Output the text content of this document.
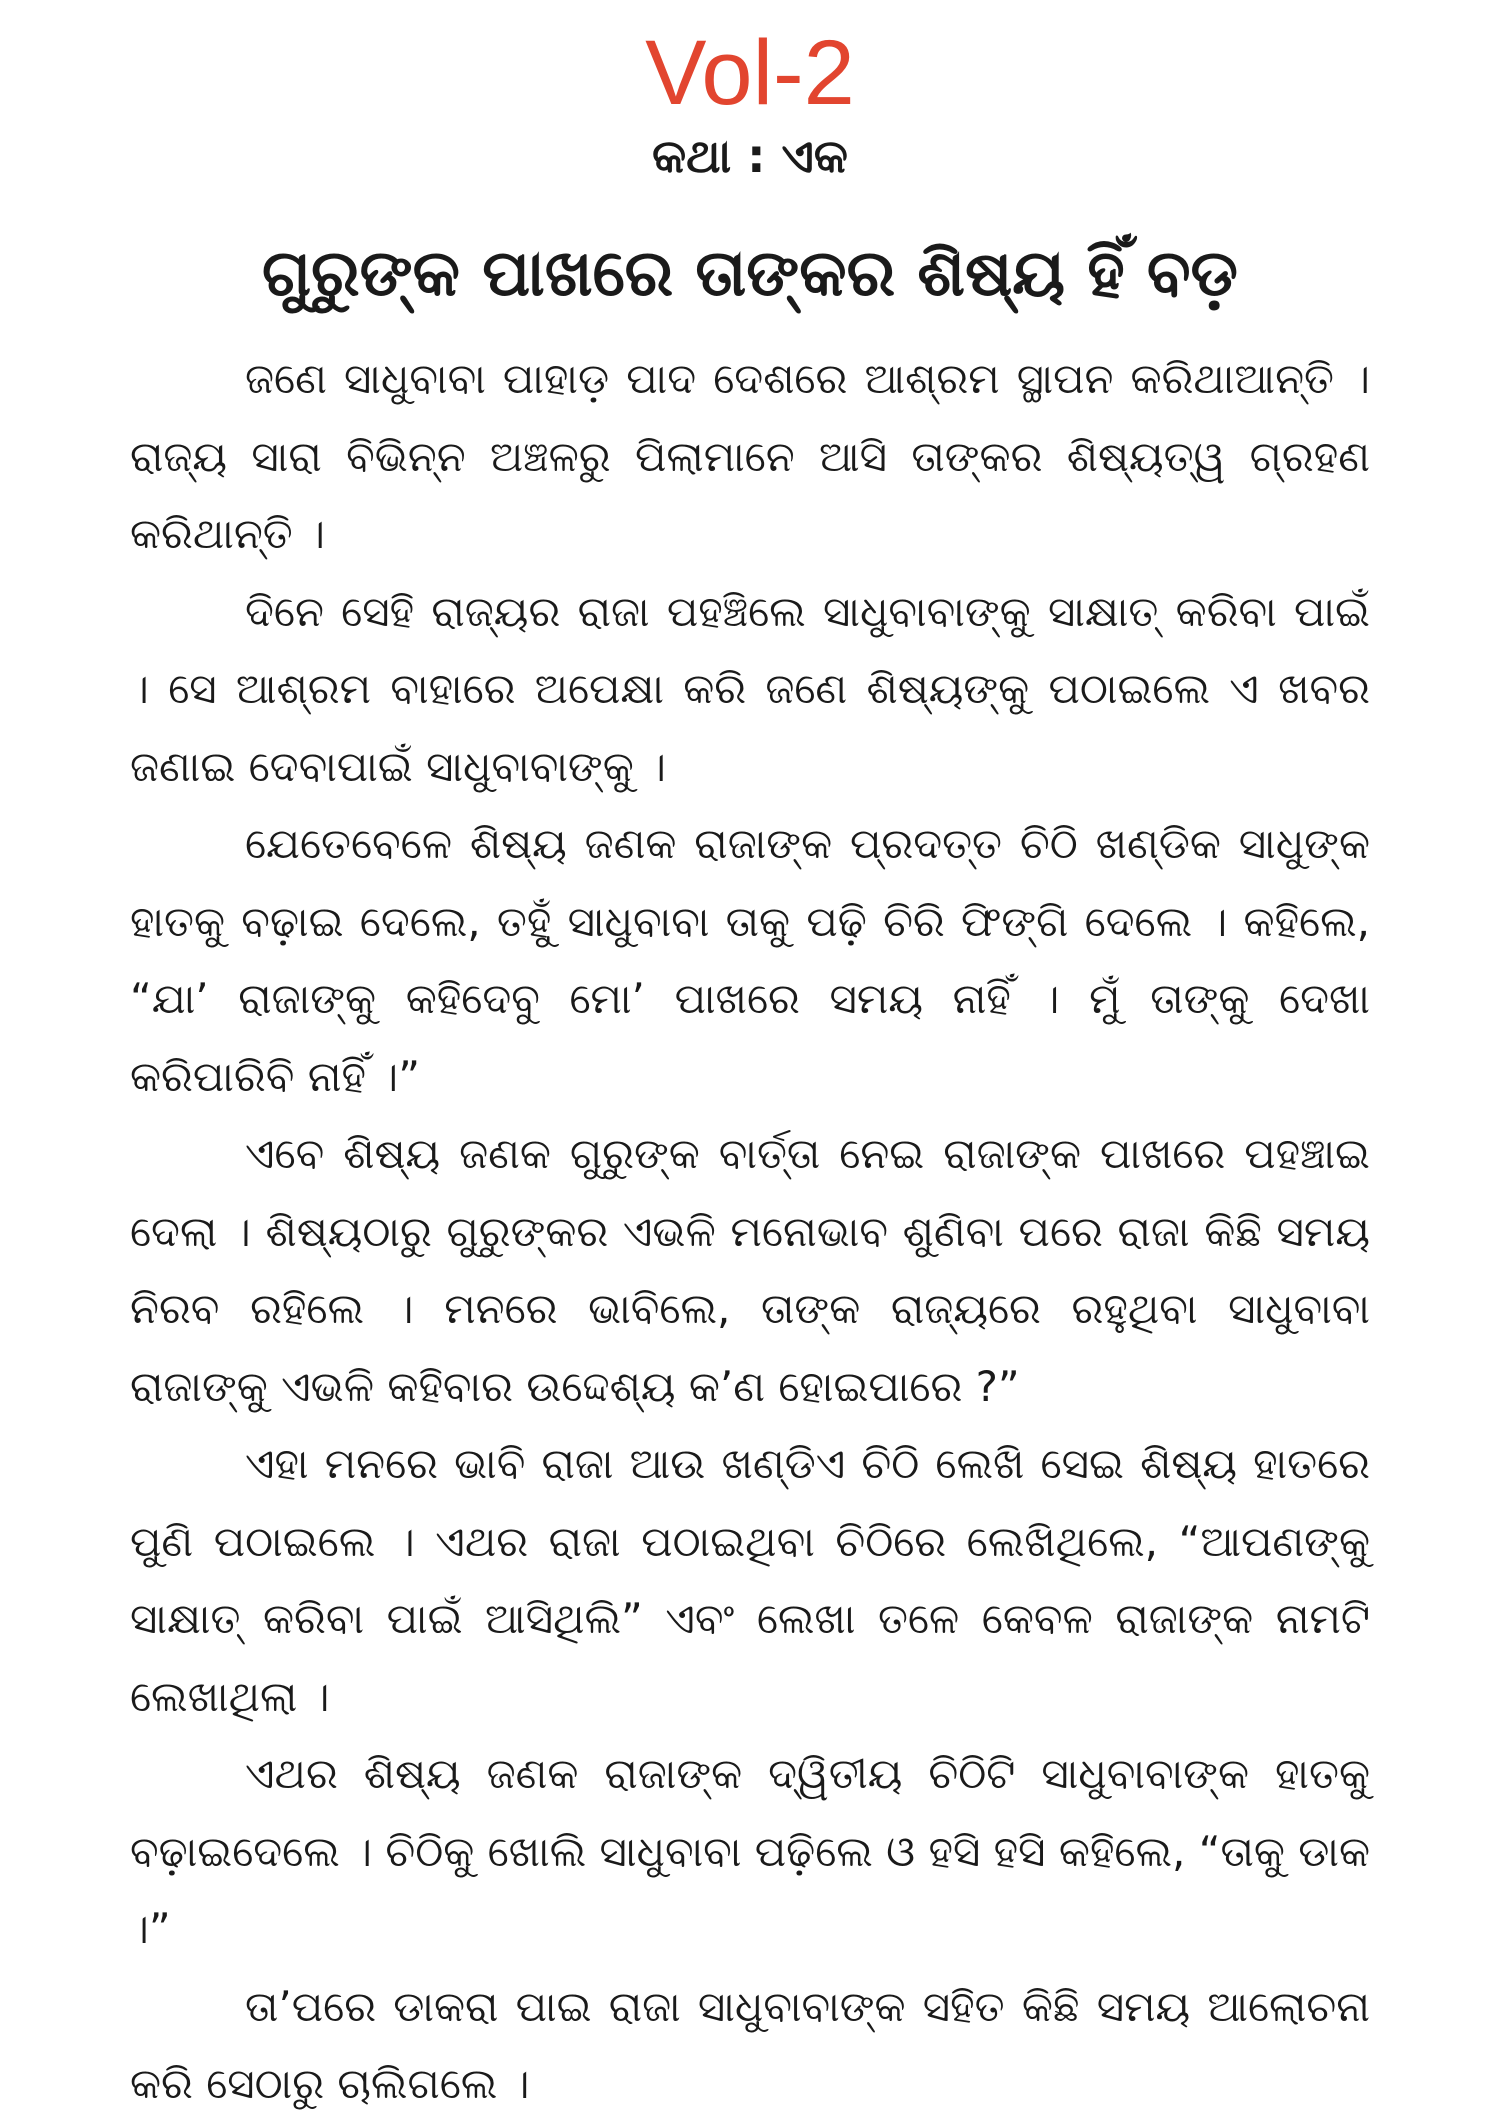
Vol-2
କଥା : ଏକ
ଗୁରୁଙ୍କ ପାଖରେ ତାଙ୍କର ଶିଷ୍ୟ ହିଁ ବଡ଼

ଜଣେ ସାଧୁବାବା ପାହାଡ଼ ପାଦ ଦେଶରେ ଆଶ୍ରମ ସ୍ଥାପନ କରିଥାଆନ୍ତି । ରାଜ୍ୟ ସାରା ବିଭିନ୍ନ ଅଞ୍ଚଳରୁ ପିଲାମାନେ ଆସି ତାଙ୍କର ଶିଷ୍ୟତ୍ୱ ଗ୍ରହଣ କରିଥାନ୍ତି ।

ଦିନେ ସେହି ରାଜ୍ୟର ରାଜା ପହଞ୍ଚିଲେ ସାଧୁବାବାଙ୍କୁ ସାକ୍ଷାତ୍ କରିବା ପାଇଁ । ସେ ଆଶ୍ରମ ବାହାରେ ଅପେକ୍ଷା କରି ଜଣେ ଶିଷ୍ୟଙ୍କୁ ପଠାଇଲେ ଏ ଖବର ଜଣାଇ ଦେବାପାଇଁ ସାଧୁବାବାଙ୍କୁ ।

ଯେତେବେଳେ ଶିଷ୍ୟ ଜଣକ ରାଜାଙ୍କ ପ୍ରଦତ୍ତ ଚିଠି ଖଣ୍ଡିକ ସାଧୁଙ୍କ ହାତକୁ ବଢ଼ାଇ ଦେଲେ, ତହୁଁ ସାଧୁବାବା ତାକୁ ପଢ଼ି ଚିରି ଫିଙ୍ଗି ଦେଲେ । କହିଲେ, “ଯା’ ରାଜାଙ୍କୁ କହିଦେବୁ ମୋ’ ପାଖରେ ସମୟ ନାହିଁ । ମୁଁ ତାଙ୍କୁ ଦେଖା କରିପାରିବି ନାହିଁ ।”

ଏବେ ଶିଷ୍ୟ ଜଣକ ଗୁରୁଙ୍କ ବାର୍ତ୍ତା ନେଇ ରାଜାଙ୍କ ପାଖରେ ପହଞ୍ଚାଇ ଦେଲା । ଶିଷ୍ୟଠାରୁ ଗୁରୁଙ୍କର ଏଭଳି ମନୋଭାବ ଶୁଣିବା ପରେ ରାଜା କିଛି ସମୟ ନିରବ ରହିଲେ । ମନରେ ଭାବିଲେ, ତାଙ୍କ ରାଜ୍ୟରେ ରହୁଥିବା ସାଧୁବାବା ରାଜାଙ୍କୁ ଏଭଳି କହିବାର ଉଦ୍ଦେଶ୍ୟ କ’ଣ ହୋଇପାରେ ?”

ଏହା ମନରେ ଭାବି ରାଜା ଆଉ ଖଣ୍ଡିଏ ଚିଠି ଲେଖି ସେଇ ଶିଷ୍ୟ ହାତରେ ପୁଣି ପଠାଇଲେ । ଏଥର ରାଜା ପଠାଇଥିବା ଚିଠିରେ ଲେଖିଥିଲେ, “ଆପଣଙ୍କୁ ସାକ୍ଷାତ୍ କରିବା ପାଇଁ ଆସିଥିଲି” ଏବଂ ଲେଖା ତଳେ କେବଳ ରାଜାଙ୍କ ନାମଟି ଲେଖାଥିଲା ।

ଏଥର ଶିଷ୍ୟ ଜଣକ ରାଜାଙ୍କ ଦ୍ୱିତୀୟ ଚିଠିଟି ସାଧୁବାବାଙ୍କ ହାତକୁ ବଢ଼ାଇଦେଲେ । ଚିଠିକୁ ଖୋଲି ସାଧୁବାବା ପଢ଼ିଲେ ଓ ହସି ହସି କହିଲେ, “ତାକୁ ଡାକ ।”

ତା’ପରେ ଡାକରା ପାଇ ରାଜା ସାଧୁବାବାଙ୍କ ସହିତ କିଛି ସମୟ ଆଲୋଚନା କରି ସେଠାରୁ ଚାଲିଗଲେ ।
